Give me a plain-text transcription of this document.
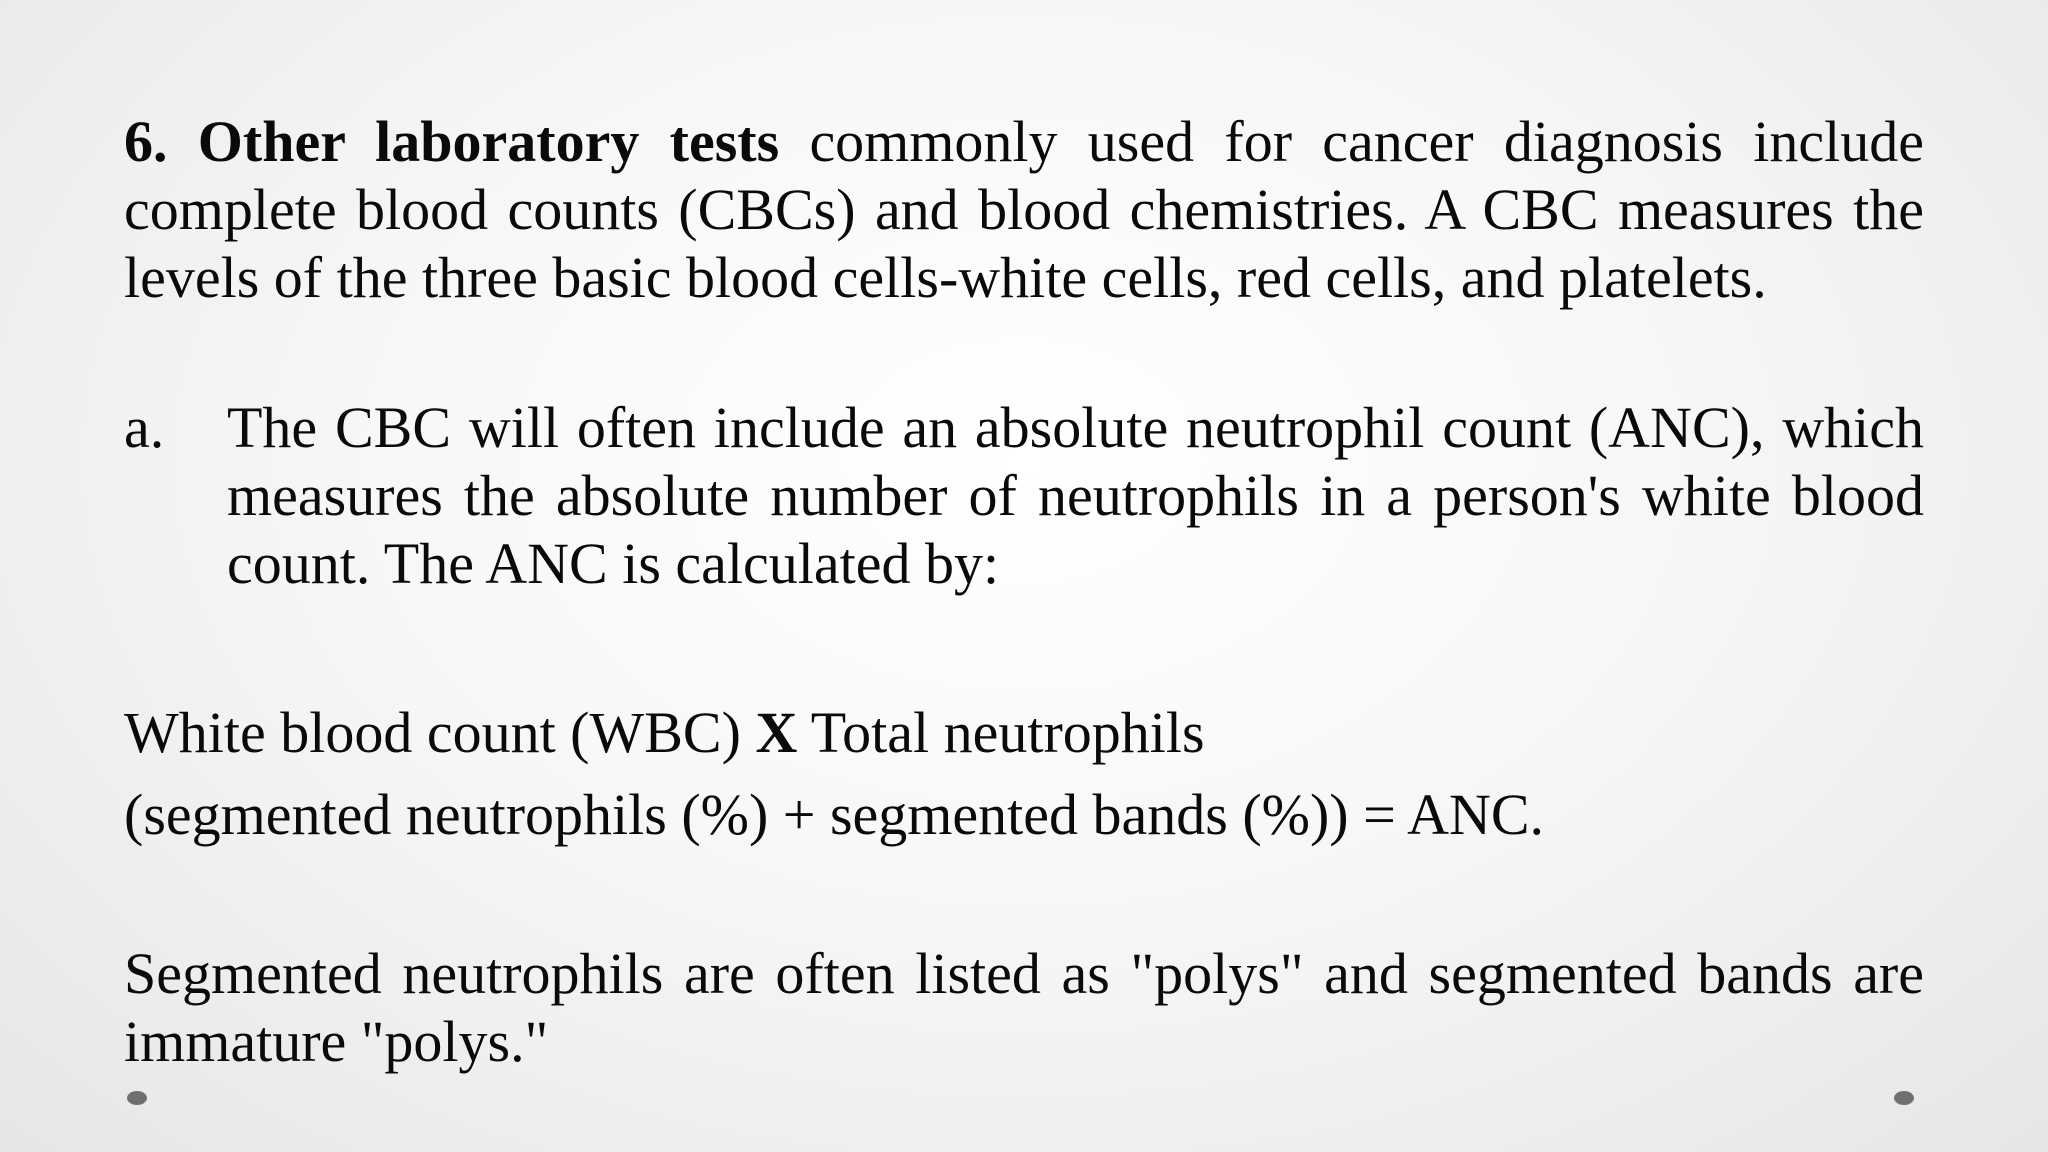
6. Other laboratory tests commonly used for cancer diagnosis include complete blood counts (CBCs) and blood chemistries. A CBC measures the levels of the three basic blood cells-white cells, red cells, and platelets.
a. The CBC will often include an absolute neutrophil count (ANC), which measures the absolute number of neutrophils in a person's white blood count. The ANC is calculated by:
White blood count (WBC) X Total neutrophils
(segmented neutrophils (%) + segmented bands (%)) = ANC.
Segmented neutrophils are often listed as "polys" and segmented bands are immature "polys."
